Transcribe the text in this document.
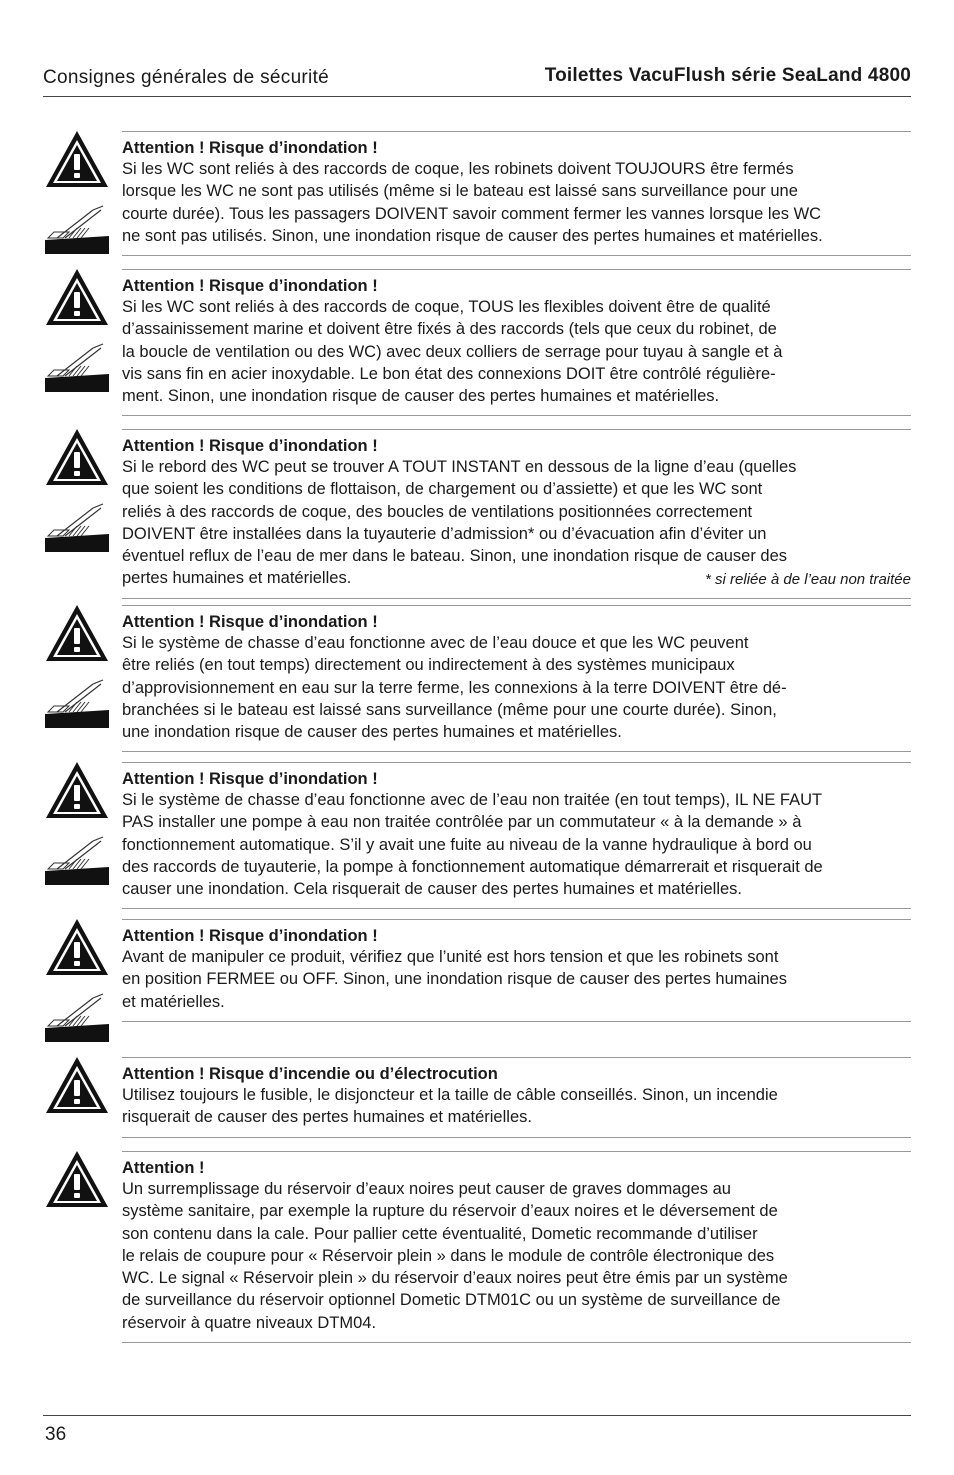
Consignes générales de sécurité	Toilettes VacuFlush série SeaLand 4800
Attention ! Risque d’inondation !
Si les WC sont reliés à des raccords de coque, les robinets doivent TOUJOURS être fermés
lorsque les WC ne sont pas utilisés (même si le bateau est laissé sans surveillance pour une
courte durée). Tous les passagers DOIVENT savoir comment fermer les vannes lorsque les WC
ne sont pas utilisés. Sinon, une inondation risque de causer des pertes humaines et matérielles.
Attention ! Risque d’inondation !
Si les WC sont reliés à des raccords de coque, TOUS les flexibles doivent être de qualité
d’assainissement marine et doivent être fixés à des raccords (tels que ceux du robinet, de
la boucle de ventilation ou des WC) avec deux colliers de serrage pour tuyau à sangle et à
vis sans fin en acier inoxydable. Le bon état des connexions DOIT être contrôlé régulière-
ment. Sinon, une inondation risque de causer des pertes humaines et matérielles.
Attention ! Risque d’inondation !
Si le rebord des WC peut se trouver A TOUT INSTANT en dessous de la ligne d’eau (quelles
que soient les conditions de flottaison, de chargement ou d’assiette) et que les WC sont
reliés à des raccords de coque, des boucles de ventilations positionnées correctement
DOIVENT être installées dans la tuyauterie d’admission* ou d’évacuation afin d’éviter un
éventuel reflux de l’eau de mer dans le bateau. Sinon, une inondation risque de causer des
pertes humaines et matérielles.	* si reliée à de l’eau non traitée
Attention ! Risque d’inondation !
Si le système de chasse d’eau fonctionne avec de l’eau douce et que les WC peuvent
être reliés (en tout temps) directement ou indirectement à des systèmes municipaux
d’approvisionnement en eau sur la terre ferme, les connexions à la terre DOIVENT être dé-
branchées si le bateau est laissé sans surveillance (même pour une courte durée). Sinon,
une inondation risque de causer des pertes humaines et matérielles.
Attention ! Risque d’inondation !
Si le système de chasse d’eau fonctionne avec de l’eau non traitée (en tout temps), IL NE FAUT
PAS installer une pompe à eau non traitée contrôlée par un commutateur « à la demande » à
fonctionnement automatique. S’il y avait une fuite au niveau de la vanne hydraulique à bord ou
des raccords de tuyauterie, la pompe à fonctionnement automatique démarrerait et risquerait de
causer une inondation. Cela risquerait de causer des pertes humaines et matérielles.
Attention ! Risque d’inondation !
Avant de manipuler ce produit, vérifiez que l’unité est hors tension et que les robinets sont
en position FERMEE ou OFF. Sinon, une inondation risque de causer des pertes humaines
et matérielles.
Attention ! Risque d’incendie ou d’électrocution
Utilisez toujours le fusible, le disjoncteur et la taille de câble conseillés. Sinon, un incendie
risquerait de causer des pertes humaines et matérielles.
Attention !
Un surremplissage du réservoir d’eaux noires peut causer de graves dommages au
système sanitaire, par exemple la rupture du réservoir d’eaux noires et le déversement de
son contenu dans la cale. Pour pallier cette éventualité, Dometic recommande d’utiliser
le relais de coupure pour « Réservoir plein » dans le module de contrôle électronique des
WC. Le signal « Réservoir plein » du réservoir d’eaux noires peut être émis par un système
de surveillance du réservoir optionnel Dometic DTM01C ou un système de surveillance de
réservoir à quatre niveaux DTM04.
36
